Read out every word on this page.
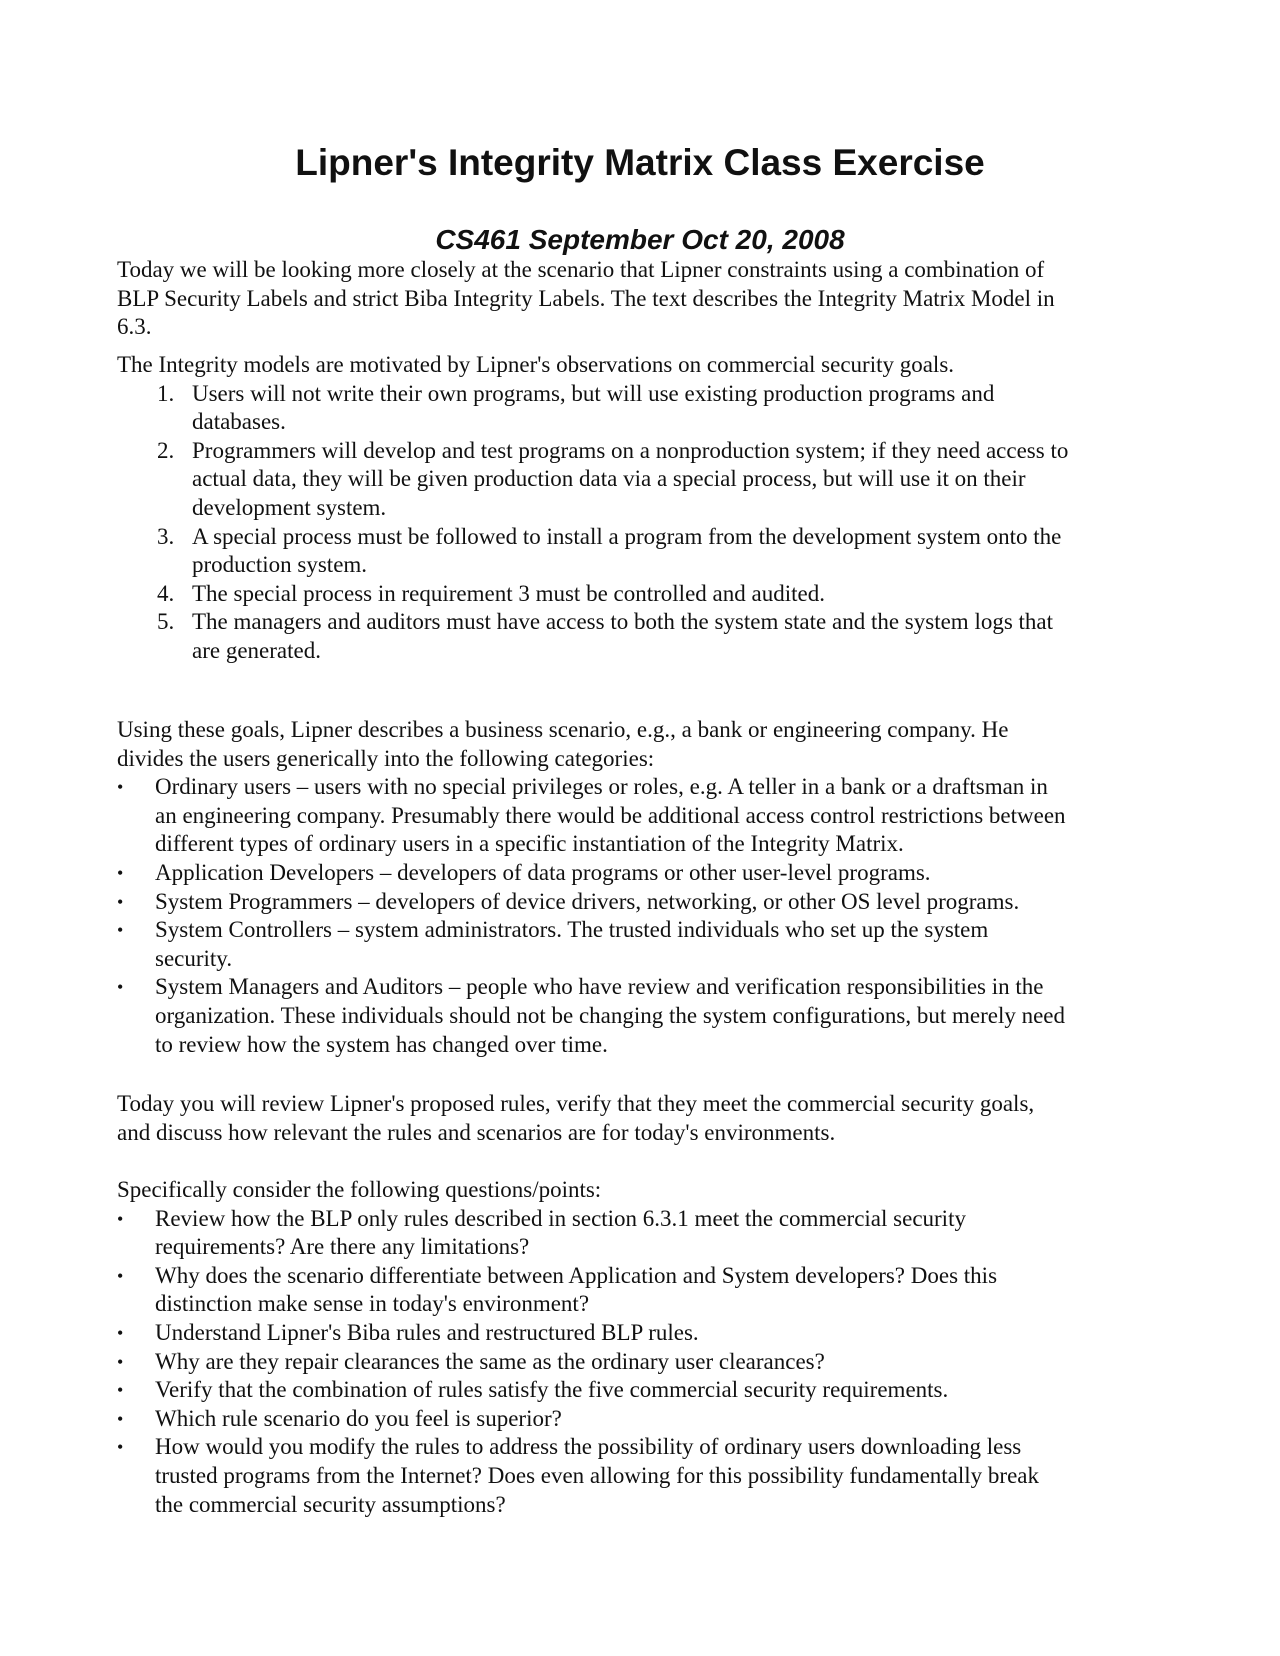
Lipner's Integrity Matrix Class Exercise
CS461 September Oct 20, 2008

Today we will be looking more closely at the scenario that Lipner constraints using a combination of
BLP Security Labels and strict Biba Integrity Labels. The text describes the Integrity Matrix Model in
6.3.

The Integrity models are motivated by Lipner's observations on commercial security goals.

1. Users will not write their own programs, but will use existing production programs and
databases.
2. Programmers will develop and test programs on a nonproduction system; if they need access to
actual data, they will be given production data via a special process, but will use it on their
development system.
3. A special process must be followed to install a program from the development system onto the
production system.
4. The special process in requirement 3 must be controlled and audited.
5. The managers and auditors must have access to both the system state and the system logs that
are generated.

Using these goals, Lipner describes a business scenario, e.g., a bank or engineering company. He
divides the users generically into the following categories:

• Ordinary users – users with no special privileges or roles, e.g. A teller in a bank or a draftsman in
an engineering company. Presumably there would be additional access control restrictions between
different types of ordinary users in a specific instantiation of the Integrity Matrix.
• Application Developers – developers of data programs or other user-level programs.
• System Programmers – developers of device drivers, networking, or other OS level programs.
• System Controllers – system administrators. The trusted individuals who set up the system
security.
• System Managers and Auditors – people who have review and verification responsibilities in the
organization. These individuals should not be changing the system configurations, but merely need
to review how the system has changed over time.

Today you will review Lipner's proposed rules, verify that they meet the commercial security goals,
and discuss how relevant the rules and scenarios are for today's environments.

Specifically consider the following questions/points:

• Review how the BLP only rules described in section 6.3.1 meet the commercial security
requirements? Are there any limitations?
• Why does the scenario differentiate between Application and System developers? Does this
distinction make sense in today's environment?
• Understand Lipner's Biba rules and restructured BLP rules.
• Why are they repair clearances the same as the ordinary user clearances?
• Verify that the combination of rules satisfy the five commercial security requirements.
• Which rule scenario do you feel is superior?
• How would you modify the rules to address the possibility of ordinary users downloading less
trusted programs from the Internet? Does even allowing for this possibility fundamentally break
the commercial security assumptions?
